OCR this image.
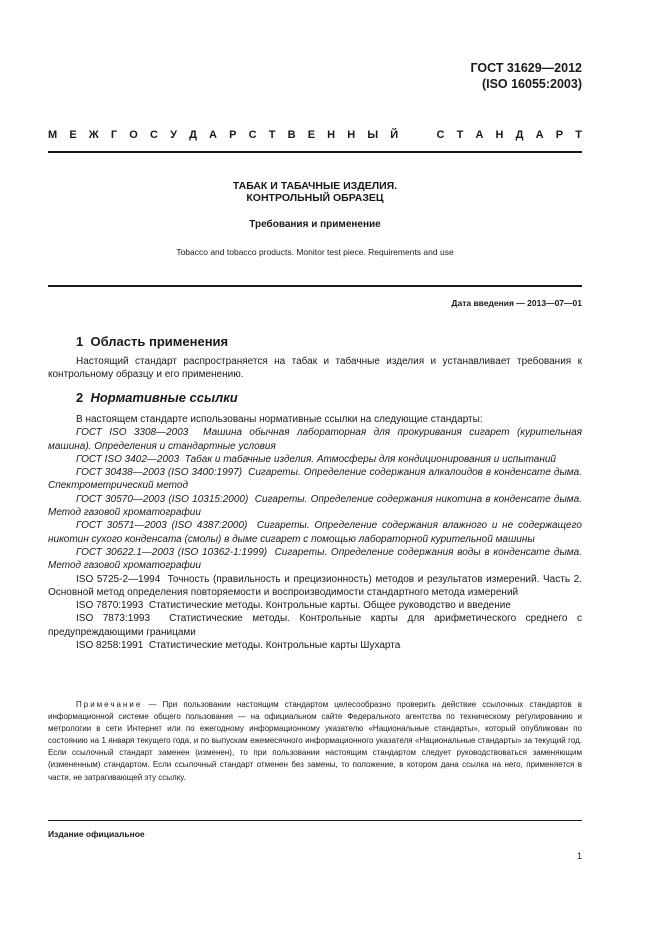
ГОСТ 31629—2012
(ISO 16055:2003)
М Е Ж Г О С У Д А Р С Т В Е Н Н Ы Й	С Т А Н Д А Р Т
ТАБАК И ТАБАЧНЫЕ ИЗДЕЛИЯ.
КОНТРОЛЬНЫЙ ОБРАЗЕЦ
Требования и применение
Tobacco and tobacco products. Monitor test piece. Requirements and use
Дата введения — 2013—07—01
1 Область применения

Настоящий стандарт распространяется на табак и табачные изделия и устанавливает требования к контрольному образцу и его применению.

2 Нормативные ссылки

В настоящем стандарте использованы нормативные ссылки на следующие стандарты:

ГОСТ ISO 3308—2003 Машина обычная лабораторная для прокуривания сигарет (курительная машина). Определения и стандартные условия

ГОСТ ISO 3402—2003 Табак и табачные изделия. Атмосферы для кондиционирования и испытаний

ГОСТ 30438—2003 (ISO 3400:1997) Сигареты. Определение содержания алкалоидов в конденсате дыма. Спектрометрический метод

ГОСТ 30570—2003 (ISO 10315:2000) Сигареты. Определение содержания никотина в конденсате дыма. Метод газовой хроматографии

ГОСТ 30571—2003 (ISO 4387:2000) Сигареты. Определение содержания влажного и не содержащего никотин сухого конденсата (смолы) в дыме сигарет с помощью лабораторной курительной машины

ГОСТ 30622.1—2003 (ISO 10362-1:1999) Сигареты. Определение содержания воды в конденсате дыма. Метод газовой хроматографии

ISO 5725-2—1994 Точность (правильность и прецизионность) методов и результатов измерений. Часть 2. Основной метод определения повторяемости и воспроизводимости стандартного метода измерений

ISO 7870:1993 Статистические методы. Контрольные карты. Общее руководство и введение

ISO 7873:1993 Статистические методы. Контрольные карты для арифметического среднего с предупреждающими границами

ISO 8258:1991 Статистические методы. Контрольные карты Шухарта

Примечание — При пользовании настоящим стандартом целесообразно проверить действие ссылочных стандартов в информационной системе общего пользования — на официальном сайте Федерального агентства по техническому регулированию и метрологии в сети Интернет или по ежегодному информационному указателю «Национальные стандарты», который опубликован по состоянию на 1 января текущего года, и по выпускам ежемесячного информационного указателя «Национальные стандарты» за текущий год. Если ссылочный стандарт заменен (изменен), то при пользовании настоящим стандартом следует руководствоваться заменяющим (измененным) стандартом. Если ссылочный стандарт отменен без замены, то положение, в котором дана ссылка на него, применяется в части, не затрагивающей эту ссылку.

Издание официальное
1
